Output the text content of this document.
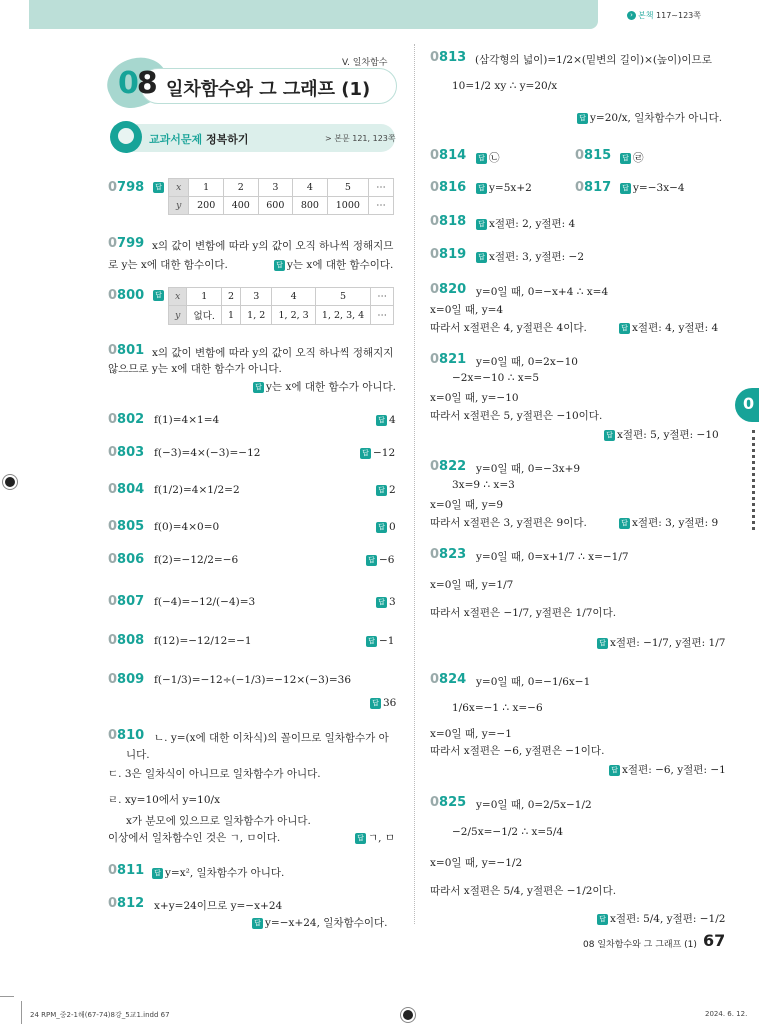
› 본책 117~123쪽
V. 일차함수
08 일차함수와 그 그래프 (1)
교과서문제 정복하기	> 본문 121, 123쪽
0798	답 x	1	2	3	4	5	⋯
y	200	400	600	800	1000	⋯
0799 x의 값이 변함에 따라 y의 값이 오직 하나씩 정해지므
로 y는 x에 대한 함수이다.	답 y는 x에 대한 함수이다.
0800	답 x	1	2	3	4	5	⋯
y	없다.	1	1, 2	1, 2, 3	1, 2, 3, 4	⋯
0801 x의 값이 변함에 따라 y의 값이 오직 하나씩 정해지지
않으므로 y는 x에 대한 함수가 아니다.
답 y는 x에 대한 함수가 아니다.
0802 f(1)=4×1=4	답 4
0803 f(−3)=4×(−3)=−12	답 −12
0804 f(1/2)=4×1/2=2	답 2
0805 f(0)=4×0=0	답 0
0806 f(2)=−12/2=−6	답 −6
0807 f(−4)=−12/(−4)=3	답 3
0808 f(12)=−12/12=−1	답 −1
0809 f(−1/3)=−12÷(−1/3)=−12×(−3)=36
답 36
0810 ㄴ. y=(x에 대한 이차식)의 꼴이므로 일차함수가 아
니다.
ㄷ. 3은 일차식이 아니므로 일차함수가 아니다.
ㄹ. xy=10에서 y=10/x
x가 분모에 있으므로 일차함수가 아니다.
이상에서 일차함수인 것은 ㄱ, ㅁ이다.	답 ㄱ, ㅁ
0811	답 y=x², 일차함수가 아니다.
0812 x+y=24이므로 y=−x+24
답 y=−x+24, 일차함수이다.
0813 (삼각형의 넓이)=1/2×(밑변의 길이)×(높이)이므로
10=1/2 xy ∴ y=20/x
답 y=20/x, 일차함수가 아니다.
0814	답 ㉡	0815	답 ㉣
0816	답 y=5x+2	0817	답 y=−3x−4
0818	답 x절편: 2, y절편: 4
0819	답 x절편: 3, y절편: −2
0820 y=0일 때, 0=−x+4 ∴ x=4
x=0일 때, y=4
따라서 x절편은 4, y절편은 4이다.	답 x절편: 4, y절편: 4
0821 y=0일 때, 0=2x−10
−2x=−10 ∴ x=5
x=0일 때, y=−10
따라서 x절편은 5, y절편은 −10이다.
답 x절편: 5, y절편: −10
0822 y=0일 때, 0=−3x+9
3x=9 ∴ x=3
x=0일 때, y=9
따라서 x절편은 3, y절편은 9이다.	답 x절편: 3, y절편: 9
0823 y=0일 때, 0=x+1/7 ∴ x=−1/7
x=0일 때, y=1/7
따라서 x절편은 −1/7, y절편은 1/7이다.
답 x절편: −1/7, y절편: 1/7
0824 y=0일 때, 0=−1/6x−1
1/6x=−1 ∴ x=−6
x=0일 때, y=−1
따라서 x절편은 −6, y절편은 −1이다.
답 x절편: −6, y절편: −1
0825 y=0일 때, 0=2/5x−1/2
−2/5x=−1/2 ∴ x=5/4
x=0일 때, y=−1/2
따라서 x절편은 5/4, y절편은 −1/2이다.
답 x절편: 5/4, y절편: −1/2
0
08 일차함수와 그 그래프 (1) 67
24 RPM_중2-1해(67-74)8강_5교1.indd 67	2024. 6. 12.
